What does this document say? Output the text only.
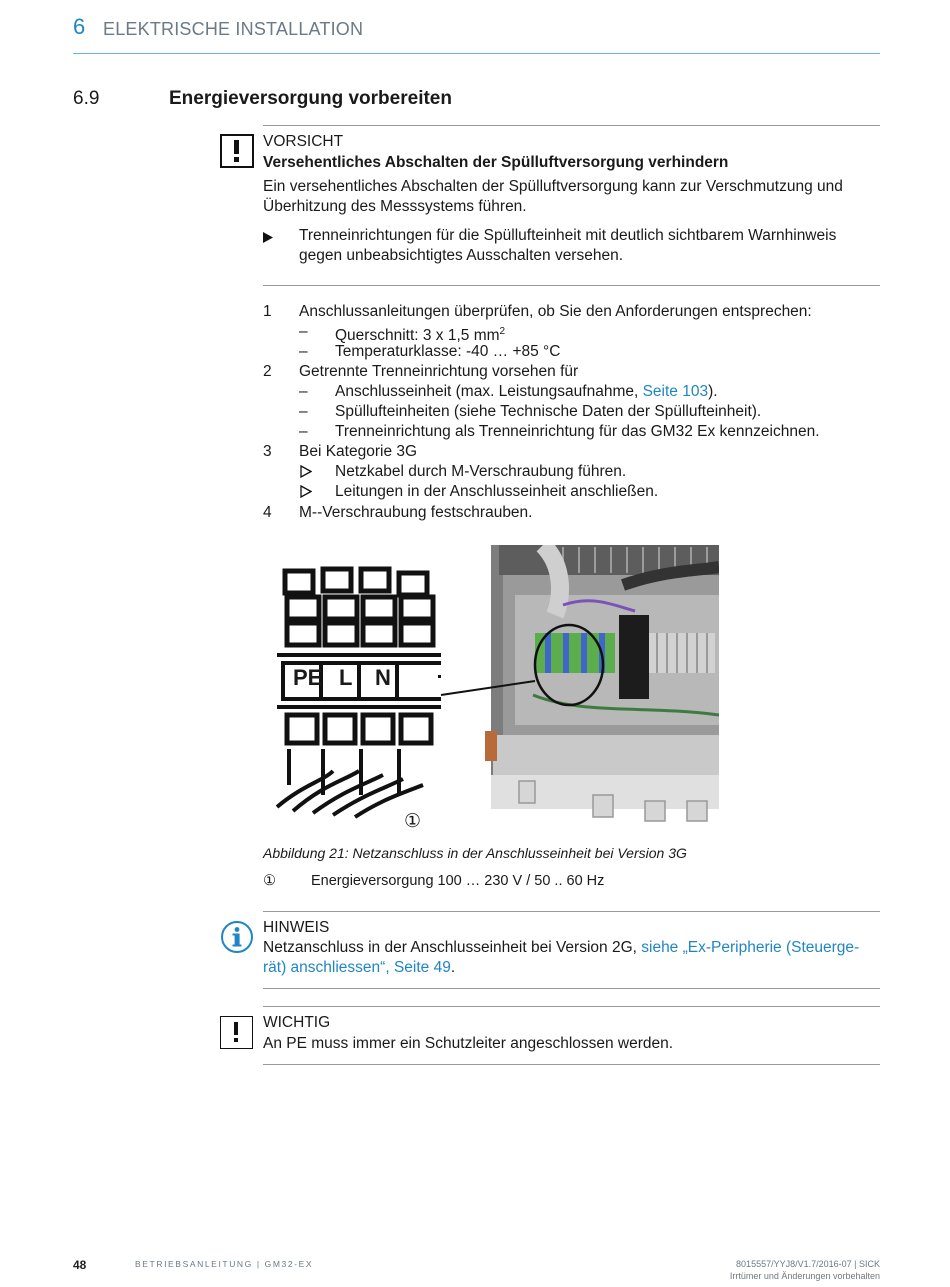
6 ELEKTRISCHE INSTALLATION
6.9	Energieversorgung vorbereiten
VORSICHT
Versehentliches Abschalten der Spülluftversorgung verhindern
Ein versehentliches Abschalten der Spülluftversorgung kann zur Verschmutzung und
Überhitzung des Messsystems führen.
Trenneinrichtungen für die Spüllufteinheit mit deutlich sichtbarem Warnhinweis
gegen unbeabsichtigtes Ausschalten versehen.
1 Anschlussanleitungen überprüfen, ob Sie den Anforderungen entsprechen:
– Querschnitt: 3 x 1,5 $mm^2$
– Temperaturklasse: -40 … +85 °C
2 Getrennte Trenneinrichtung vorsehen für
– Anschlusseinheit (max. Leistungsaufnahme, Seite 103).
– Spüllufteinheiten (siehe Technische Daten der Spüllufteinheit).
– Trenneinrichtung als Trenneinrichtung für das GM32 Ex kennzeichnen.
3 Bei Kategorie 3G
Netzkabel durch M-Verschraubung führen.
Leitungen in der Anschlusseinheit anschließen.
4 M--Verschraubung festschrauben.
PE L N
①
Abbildung 21: Netzanschluss in der Anschlusseinheit bei Version 3G
① Energieversorgung 100 … 230 V / 50 .. 60 Hz
HINWEIS
Netzanschluss in der Anschlusseinheit bei Version 2G, siehe „Ex-Peripherie (Steuerge-
rät) anschliessen“, Seite 49.
WICHTIG
An PE muss immer ein Schutzleiter angeschlossen werden.
48	BETRIEBSANLEITUNG | GM32-EX	8015557/YYJ8/V1.7/2016-07 | SICK
Irrtümer und Änderungen vorbehalten
